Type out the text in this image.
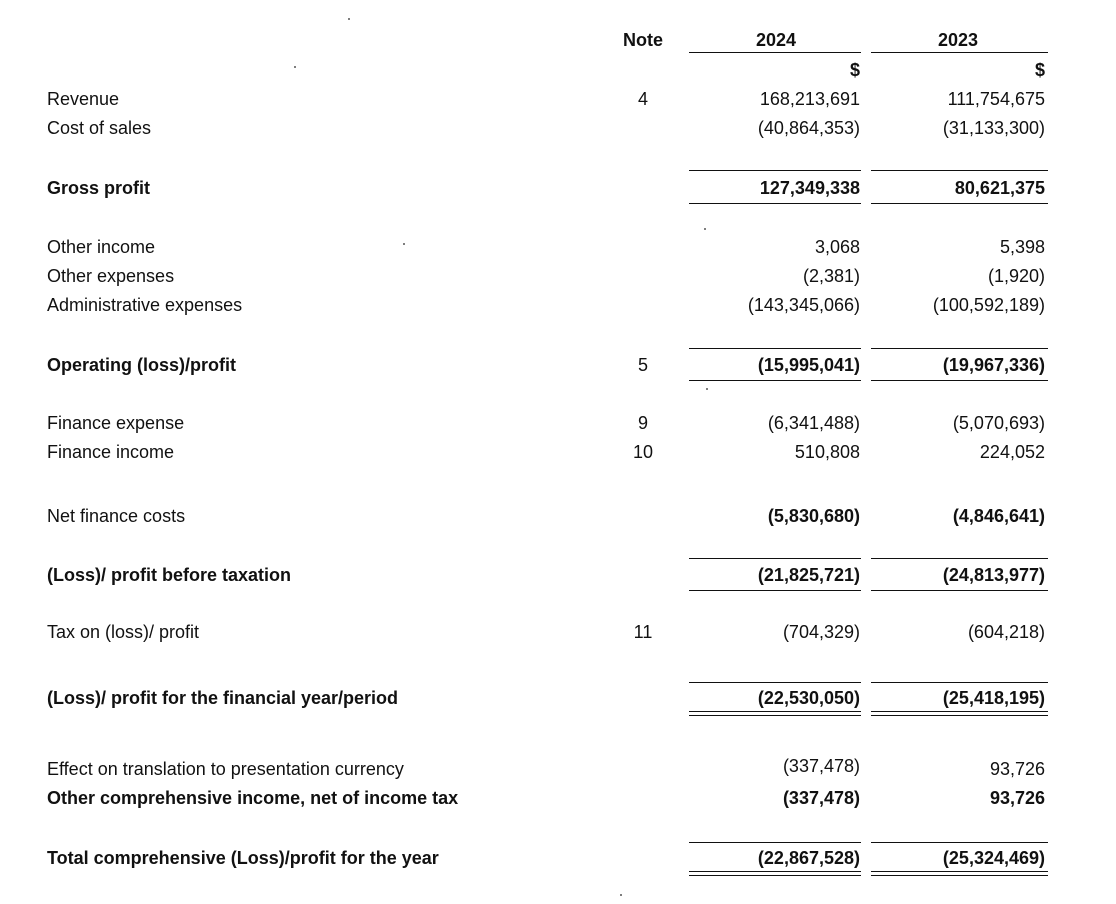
Note	2024	2023
$	$
Revenue	4	168,213,691	111,754,675
Cost of sales	(40,864,353)	(31,133,300)
Gross profit	127,349,338	80,621,375
Other income	3,068	5,398
Other expenses	(2,381)	(1,920)
Administrative expenses	(143,345,066)	(100,592,189)
Operating (loss)/profit	5	(15,995,041)	(19,967,336)
Finance expense	9	(6,341,488)	(5,070,693)
Finance income	10	510,808	224,052
Net finance costs	(5,830,680)	(4,846,641)
(Loss)/ profit before taxation	(21,825,721)	(24,813,977)
Tax on (loss)/ profit	11	(704,329)	(604,218)
(Loss)/ profit for the financial year/period	(22,530,050)	(25,418,195)
Effect on translation to presentation currency	(337,478)	93,726
Other comprehensive income, net of income tax	(337,478)	93,726
Total comprehensive (Loss)/profit for the year	(22,867,528)	(25,324,469)
